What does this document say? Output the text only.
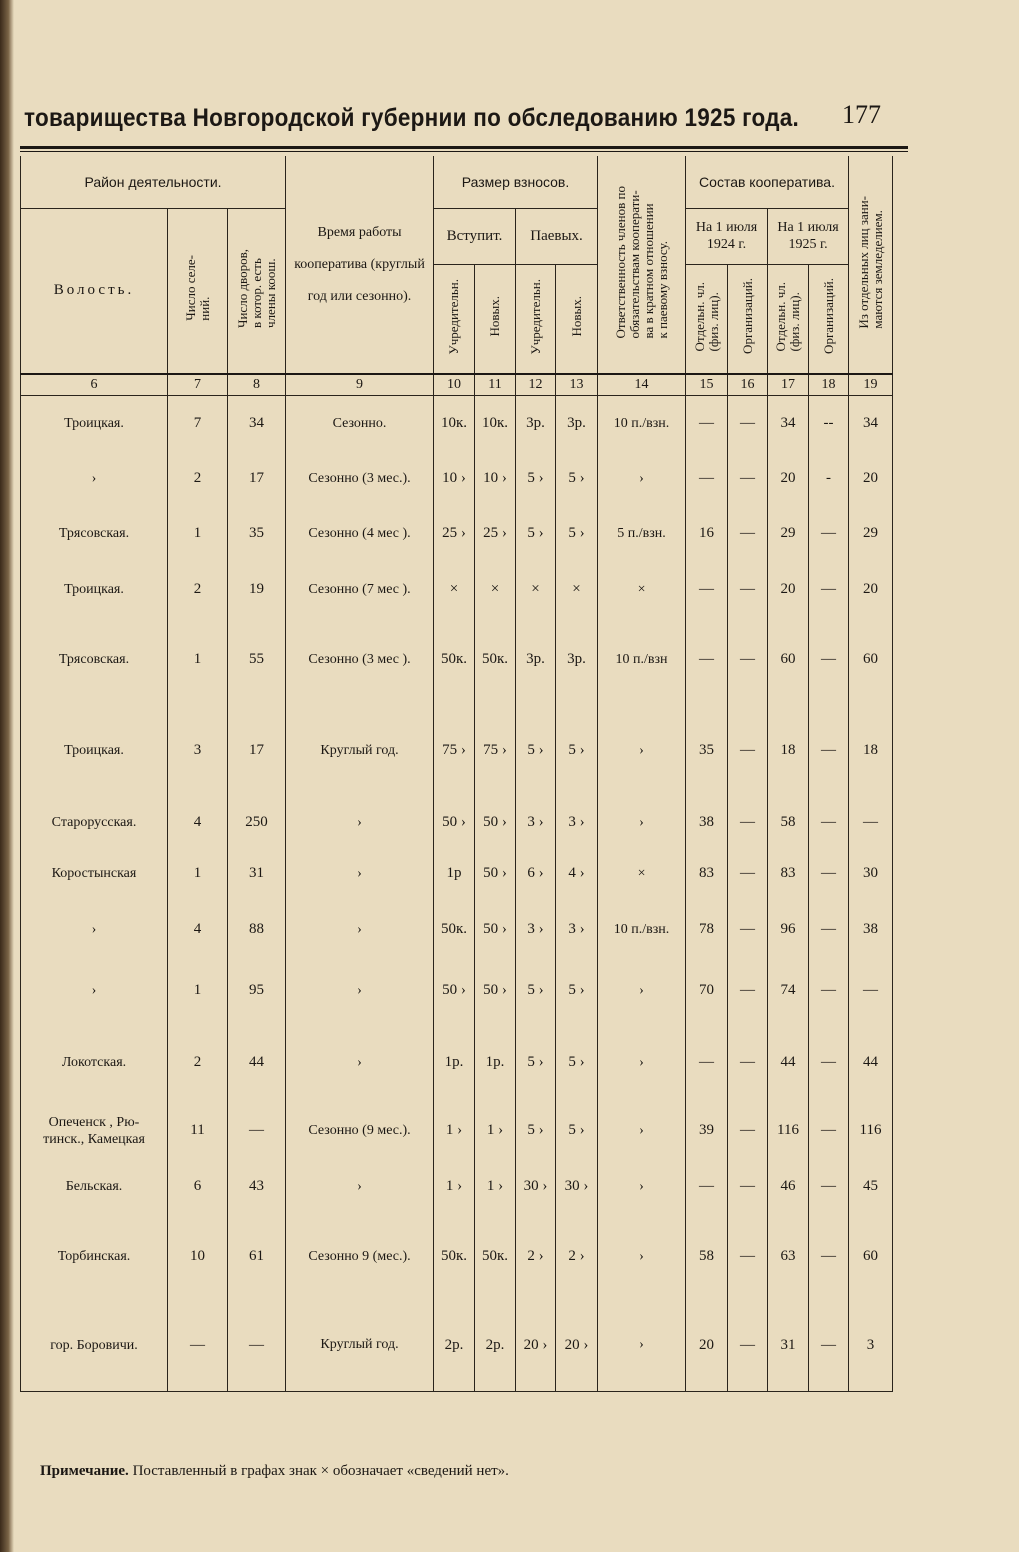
товарищества Новгородской губернии по обследованию 1925 года. 177
Район деятельности.			Время работы кооператива (круглый год или сезонно).	Размер взносов.				Ответственность членов по
обязательствам кооперати-
ва в кратном отношении
к паевому взносу.	Состав кооператива.				Из отдельных лиц зани-
маются земледелием.
Волость.	Число селе-
ний.	Число дворов,
в котор. есть
члены коош.		Вступит.		Паевых.			На 1 июля 1924 г.		На 1 июля 1925 г.		
				Учредительн.	Новых.	Учредительн.	Новых.		Отдельн. чл.
(физ. лиц).	Организаций.	Отдельн. чл.
(физ. лиц).	Организаций.	
6	7	8	9	10	11	12	13	14	15	16	17	18	19
Троицкая.	7	34	Сезонно.	10к.	10к.	3р.	3р.	10 п./взн.	—	—	34	--	34
›	2	17	Сезонно (3 мес.).	10 ›	10 ›	5 ›	5 ›	›	—	—	20	-	20
Трясовская.	1	35	Сезонно (4 мес ).	25 ›	25 ›	5 ›	5 ›	5 п./взн.	16	—	29	—	29
Троицкая.	2	19	Сезонно (7 мес ).	×	×	×	×	×	—	—	20	—	20
Трясовская.	1	55	Сезонно (3 мес ).	50к.	50к.	3р.	3р.	10 п./взн	—	—	60	—	60
Троицкая.	3	17	Круглый год.	75 ›	75 ›	5 ›	5 ›	›	35	—	18	—	18
Старорусская.	4	250	›	50 ›	50 ›	3 ›	3 ›	›	38	—	58	—	—
Коростынская	1	31	›	1р	50 ›	6 ›	4 ›	×	83	—	83	—	30
›	4	88	›	50к.	50 ›	3 ›	3 ›	10 п./взн.	78	—	96	—	38
›	1	95	›	50 ›	50 ›	5 ›	5 ›	›	70	—	74	—	—
Локотская.	2	44	›	1р.	1р.	5 ›	5 ›	›	—	—	44	—	44
Опеченск , Рю-
тинск., Камецкая	11	—	Сезонно (9 мес.).	1 ›	1 ›	5 ›	5 ›	›	39	—	116	—	116
Бельская.	6	43	›	1 ›	1 ›	30 ›	30 ›	›	—	—	46	—	45
Торбинская.	10	61	Сезонно 9 (мес.).	50к.	50к.	2 ›	2 ›	›	58	—	63	—	60
гор. Боровичи.	—	—	Круглый год.	2р.	2р.	20 ›	20 ›	›	20	—	31	—	3
Примечание. Поставленный в графах знак × обозначает «сведений нет».
